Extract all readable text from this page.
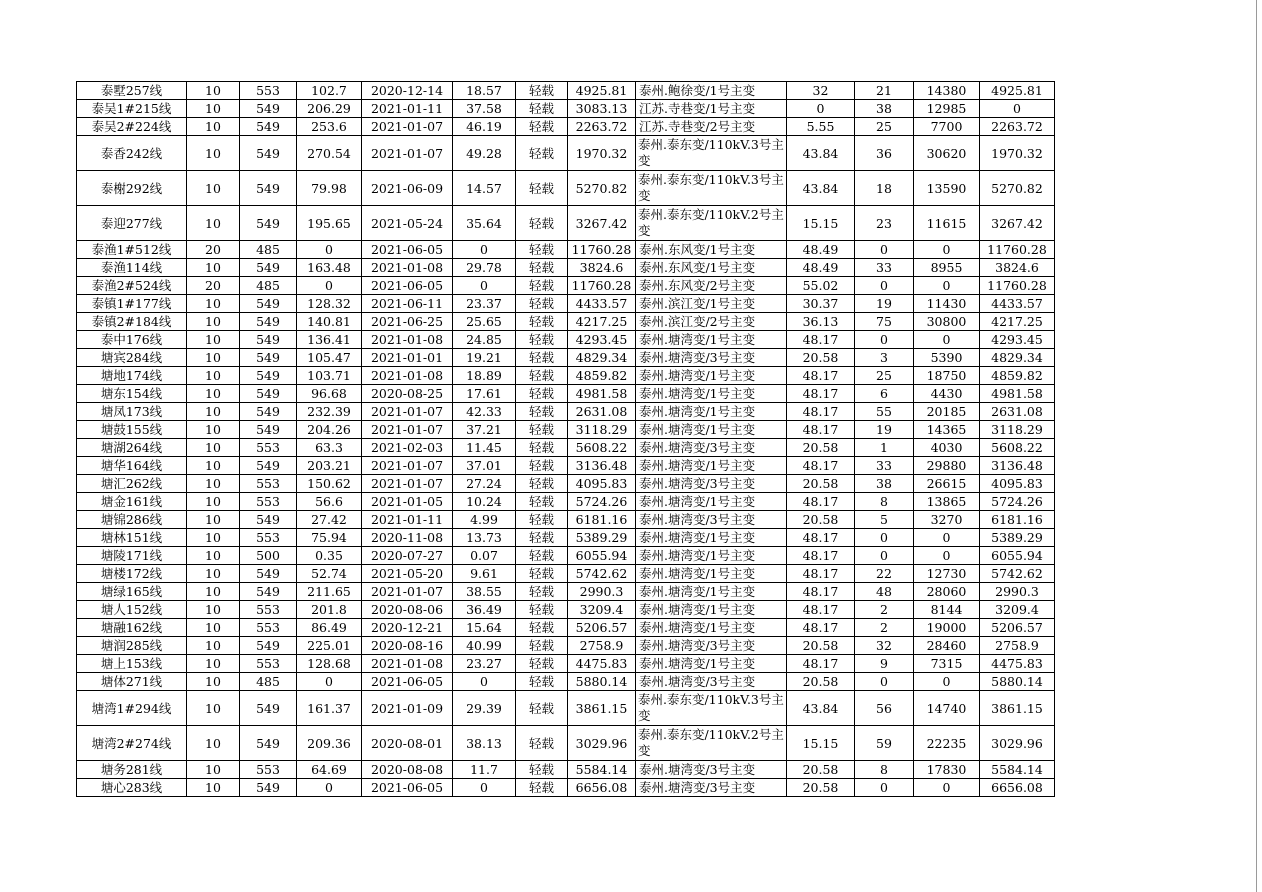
泰墅257线	10	553	102.7	2020-12-14	18.57	轻载	4925.81	泰州.鲍徐变/1号主变	32	21	14380	4925.81
泰吴1#215线	10	549	206.29	2021-01-11	37.58	轻载	3083.13	江苏.寺巷变/1号主变	0	38	12985	0
泰吴2#224线	10	549	253.6	2021-01-07	46.19	轻载	2263.72	江苏.寺巷变/2号主变	5.55	25	7700	2263.72
泰香242线	10	549	270.54	2021-01-07	49.28	轻载	1970.32	泰州.泰东变/110kV.3号主变	43.84	36	30620	1970.32
泰榭292线	10	549	79.98	2021-06-09	14.57	轻载	5270.82	泰州.泰东变/110kV.3号主变	43.84	18	13590	5270.82
泰迎277线	10	549	195.65	2021-05-24	35.64	轻载	3267.42	泰州.泰东变/110kV.2号主变	15.15	23	11615	3267.42
泰渔1#512线	20	485	0	2021-06-05	0	轻载	11760.28	泰州.东风变/1号主变	48.49	0	0	11760.28
泰渔114线	10	549	163.48	2021-01-08	29.78	轻载	3824.6	泰州.东风变/1号主变	48.49	33	8955	3824.6
泰渔2#524线	20	485	0	2021-06-05	0	轻载	11760.28	泰州.东风变/2号主变	55.02	0	0	11760.28
泰镇1#177线	10	549	128.32	2021-06-11	23.37	轻载	4433.57	泰州.滨江变/1号主变	30.37	19	11430	4433.57
泰镇2#184线	10	549	140.81	2021-06-25	25.65	轻载	4217.25	泰州.滨江变/2号主变	36.13	75	30800	4217.25
泰中176线	10	549	136.41	2021-01-08	24.85	轻载	4293.45	泰州.塘湾变/1号主变	48.17	0	0	4293.45
塘宾284线	10	549	105.47	2021-01-01	19.21	轻载	4829.34	泰州.塘湾变/3号主变	20.58	3	5390	4829.34
塘地174线	10	549	103.71	2021-01-08	18.89	轻载	4859.82	泰州.塘湾变/1号主变	48.17	25	18750	4859.82
塘东154线	10	549	96.68	2020-08-25	17.61	轻载	4981.58	泰州.塘湾变/1号主变	48.17	6	4430	4981.58
塘凤173线	10	549	232.39	2021-01-07	42.33	轻载	2631.08	泰州.塘湾变/1号主变	48.17	55	20185	2631.08
塘鼓155线	10	549	204.26	2021-01-07	37.21	轻载	3118.29	泰州.塘湾变/1号主变	48.17	19	14365	3118.29
塘湖264线	10	553	63.3	2021-02-03	11.45	轻载	5608.22	泰州.塘湾变/3号主变	20.58	1	4030	5608.22
塘华164线	10	549	203.21	2021-01-07	37.01	轻载	3136.48	泰州.塘湾变/1号主变	48.17	33	29880	3136.48
塘汇262线	10	553	150.62	2021-01-07	27.24	轻载	4095.83	泰州.塘湾变/3号主变	20.58	38	26615	4095.83
塘金161线	10	553	56.6	2021-01-05	10.24	轻载	5724.26	泰州.塘湾变/1号主变	48.17	8	13865	5724.26
塘锦286线	10	549	27.42	2021-01-11	4.99	轻载	6181.16	泰州.塘湾变/3号主变	20.58	5	3270	6181.16
塘林151线	10	553	75.94	2020-11-08	13.73	轻载	5389.29	泰州.塘湾变/1号主变	48.17	0	0	5389.29
塘陵171线	10	500	0.35	2020-07-27	0.07	轻载	6055.94	泰州.塘湾变/1号主变	48.17	0	0	6055.94
塘楼172线	10	549	52.74	2021-05-20	9.61	轻载	5742.62	泰州.塘湾变/1号主变	48.17	22	12730	5742.62
塘绿165线	10	549	211.65	2021-01-07	38.55	轻载	2990.3	泰州.塘湾变/1号主变	48.17	48	28060	2990.3
塘人152线	10	553	201.8	2020-08-06	36.49	轻载	3209.4	泰州.塘湾变/1号主变	48.17	2	8144	3209.4
塘融162线	10	553	86.49	2020-12-21	15.64	轻载	5206.57	泰州.塘湾变/1号主变	48.17	2	19000	5206.57
塘润285线	10	549	225.01	2020-08-16	40.99	轻载	2758.9	泰州.塘湾变/3号主变	20.58	32	28460	2758.9
塘上153线	10	553	128.68	2021-01-08	23.27	轻载	4475.83	泰州.塘湾变/1号主变	48.17	9	7315	4475.83
塘体271线	10	485	0	2021-06-05	0	轻载	5880.14	泰州.塘湾变/3号主变	20.58	0	0	5880.14
塘湾1#294线	10	549	161.37	2021-01-09	29.39	轻载	3861.15	泰州.泰东变/110kV.3号主变	43.84	56	14740	3861.15
塘湾2#274线	10	549	209.36	2020-08-01	38.13	轻载	3029.96	泰州.泰东变/110kV.2号主变	15.15	59	22235	3029.96
塘务281线	10	553	64.69	2020-08-08	11.7	轻载	5584.14	泰州.塘湾变/3号主变	20.58	8	17830	5584.14
塘心283线	10	549	0	2021-06-05	0	轻载	6656.08	泰州.塘湾变/3号主变	20.58	0	0	6656.08
